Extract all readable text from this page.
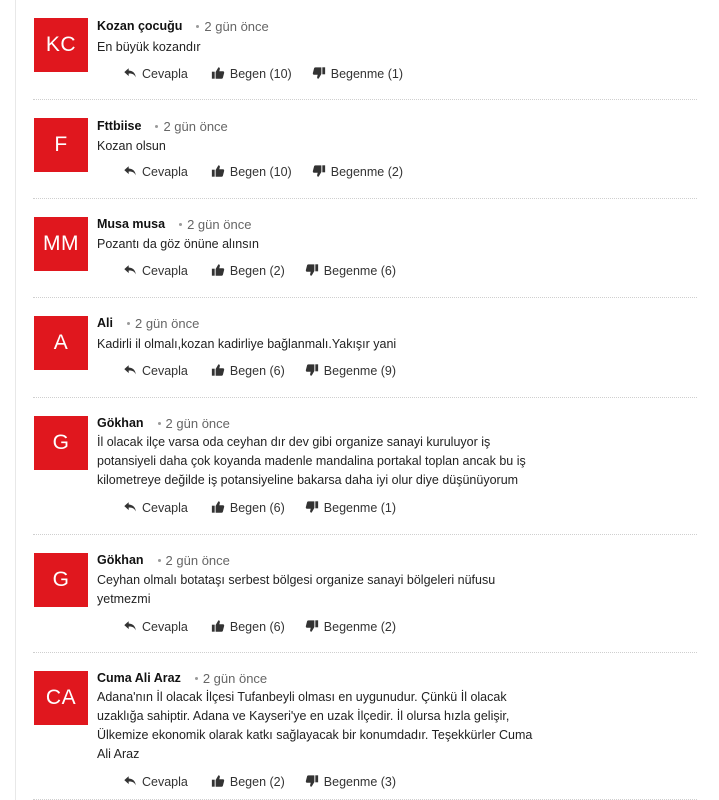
KC
Kozan çocuğu 2 gün önce
En büyük kozandır
Cevapla	Begen (10)	Begenme (1)
F
Fttbiise 2 gün önce
Kozan olsun
Cevapla	Begen (10)	Begenme (2)
MM
Musa musa 2 gün önce
Pozantı da göz önüne alınsın
Cevapla	Begen (2)	Begenme (6)
A
Ali 2 gün önce
Kadirli il olmalı,kozan kadirliye bağlanmalı.Yakışır yani
Cevapla	Begen (6)	Begenme (9)
G
Gökhan 2 gün önce
İl olacak ilçe varsa oda ceyhan dır dev gibi organize sanayi kuruluyor iş
potansiyeli daha çok koyanda madenle mandalina portakal toplan ancak bu iş
kilometreye değilde iş potansiyeline bakarsa daha iyi olur diye düşünüyorum
Cevapla	Begen (6)	Begenme (1)
G
Gökhan 2 gün önce
Ceyhan olmalı botataşı serbest bölgesi organize sanayi bölgeleri nüfusu
yetmezmi
Cevapla	Begen (6)	Begenme (2)
CA
Cuma Ali Araz 2 gün önce
Adana'nın İl olacak İlçesi Tufanbeyli olması en uygunudur. Çünkü İl olacak
uzaklığa sahiptir. Adana ve Kayseri'ye en uzak İlçedir. İl olursa hızla gelişir,
Ülkemize ekonomik olarak katkı sağlayacak bir konumdadır. Teşekkürler Cuma
Ali Araz
Cevapla	Begen (2)	Begenme (3)
